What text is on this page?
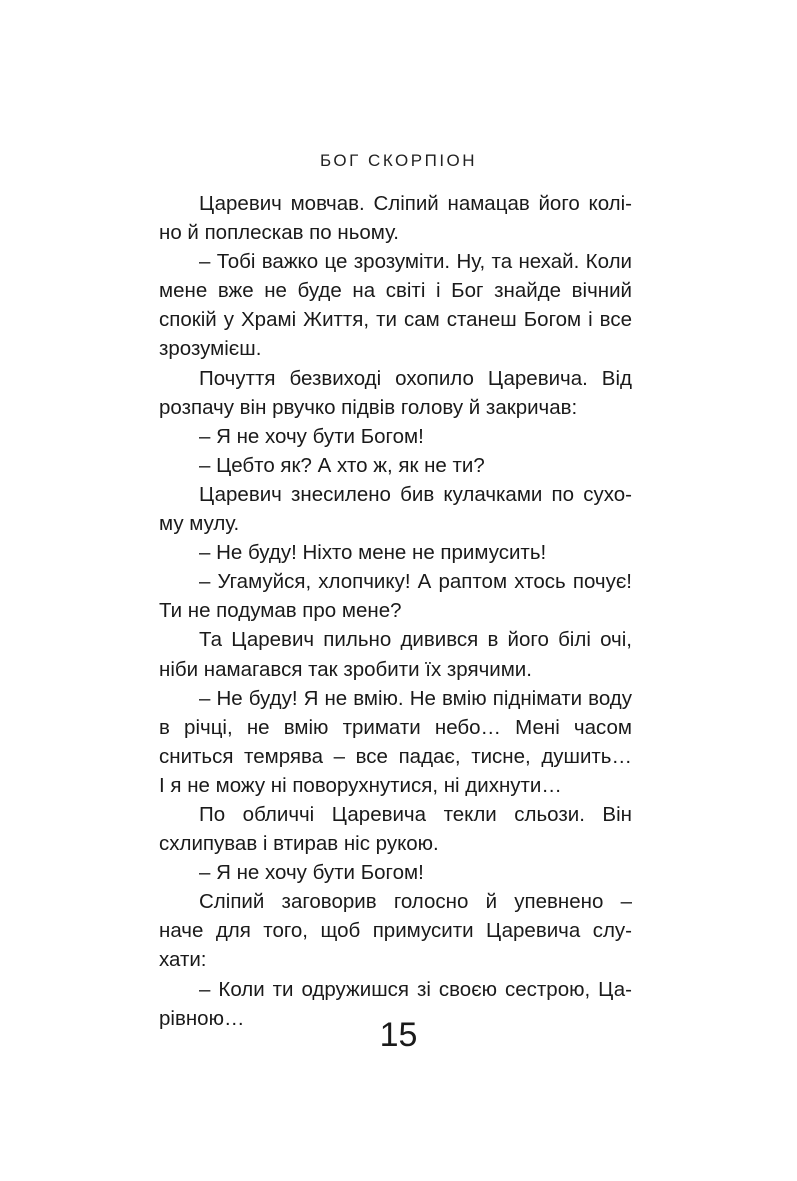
БОГ СКОРПІОН
Царевич мовчав. Сліпий намацав його колі-
но й поплескав по ньому.
– Тобі важко це зрозуміти. Ну, та нехай. Коли
мене вже не буде на світі і Бог знайде вічний
спокій у Храмі Життя, ти сам станеш Богом і все
зрозумієш.
Почуття безвиході охопило Царевича. Від
розпачу він рвучко підвів голову й закричав:
– Я не хочу бути Богом!
– Цебто як? А хто ж, як не ти?
Царевич знесилено бив кулачками по сухо-
му мулу.
– Не буду! Ніхто мене не примусить!
– Угамуйся, хлопчику! А раптом хтось почує!
Ти не подумав про мене?
Та Царевич пильно дивився в його білі очі,
ніби намагався так зробити їх зрячими.
– Не буду! Я не вмію. Не вмію піднімати воду
в річці, не вмію тримати небо… Мені часом
сниться темрява – все падає, тисне, душить…
І я не можу ні поворухнутися, ні дихнути…
По обличчі Царевича текли сльози. Він
схлипував і втирав ніс рукою.
– Я не хочу бути Богом!
Сліпий заговорив голосно й упевнено –
наче для того, щоб примусити Царевича слу-
хати:
– Коли ти одружишся зі своєю сестрою, Ца-
рівною…	15
